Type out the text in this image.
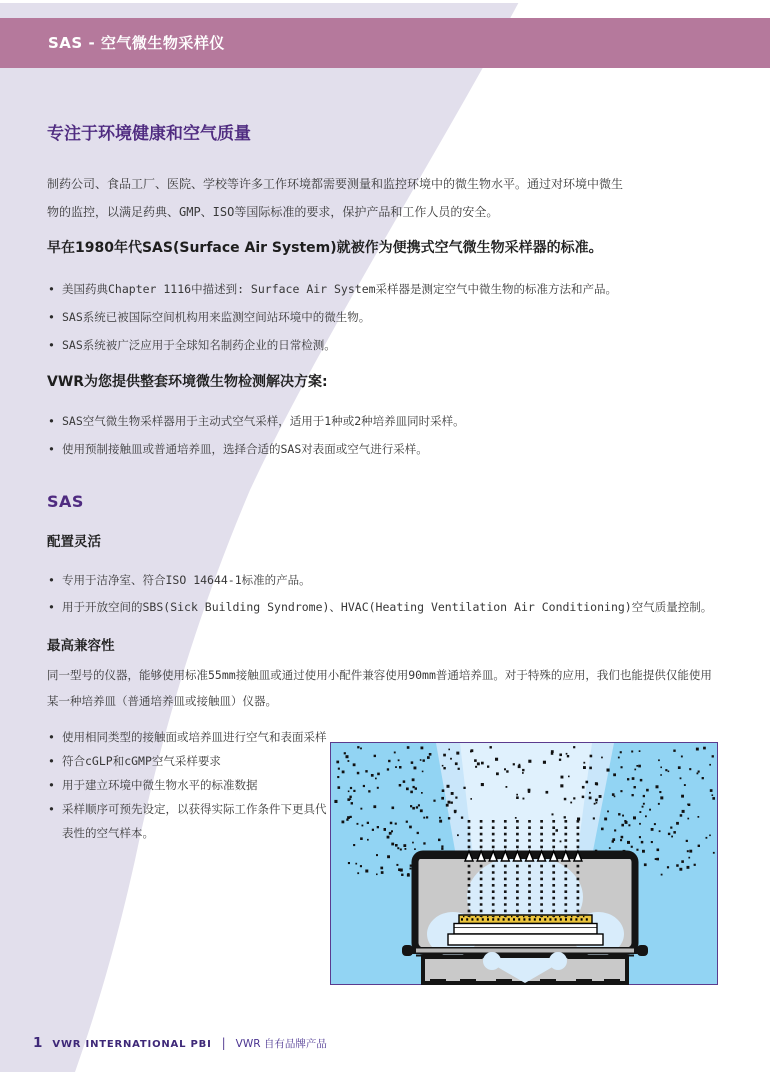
SAS - 空气微生物采样仪
专注于环境健康和空气质量

制药公司、食品工厂、医院、学校等许多工作环境都需要测量和监控环境中的微生物水平。通过对环境中微生物的监控，以满足药典、GMP、ISO等国际标准的要求，保护产品和工作人员的安全。

早在1980年代SAS(Surface Air System)就被作为便携式空气微生物采样器的标准。
• 美国药典Chapter 1116中描述到: Surface Air System采样器是测定空气中微生物的标准方法和产品。
• SAS系统已被国际空间机构用来监测空间站环境中的微生物。
• SAS系统被广泛应用于全球知名制药企业的日常检测。
VWR为您提供整套环境微生物检测解决方案:
• SAS空气微生物采样器用于主动式空气采样，适用于1种或2种培养皿同时采样。
• 使用预制接触皿或普通培养皿，选择合适的SAS对表面或空气进行采样。
SAS
配置灵活
• 专用于洁净室、符合ISO 14644-1标准的产品。
• 用于开放空间的SBS(Sick Building Syndrome)、HVAC(Heating Ventilation Air Conditioning)空气质量控制。
最高兼容性

同一型号的仪器，能够使用标准55mm接触皿或通过使用小配件兼容使用90mm普通培养皿。对于特殊的应用，我们也能提供仅能使用某一种培养皿（普通培养皿或接触皿）仪器。

• 使用相同类型的接触面或培养皿进行空气和表面采样
• 符合cGLP和cGMP空气采样要求
• 用于建立环境中微生物水平的标准数据
• 采样顺序可预先设定，以获得实际工作条件下更具代表性的空气样本。
1 VWR INTERNATIONAL PBI | VWR 自有品牌产品
